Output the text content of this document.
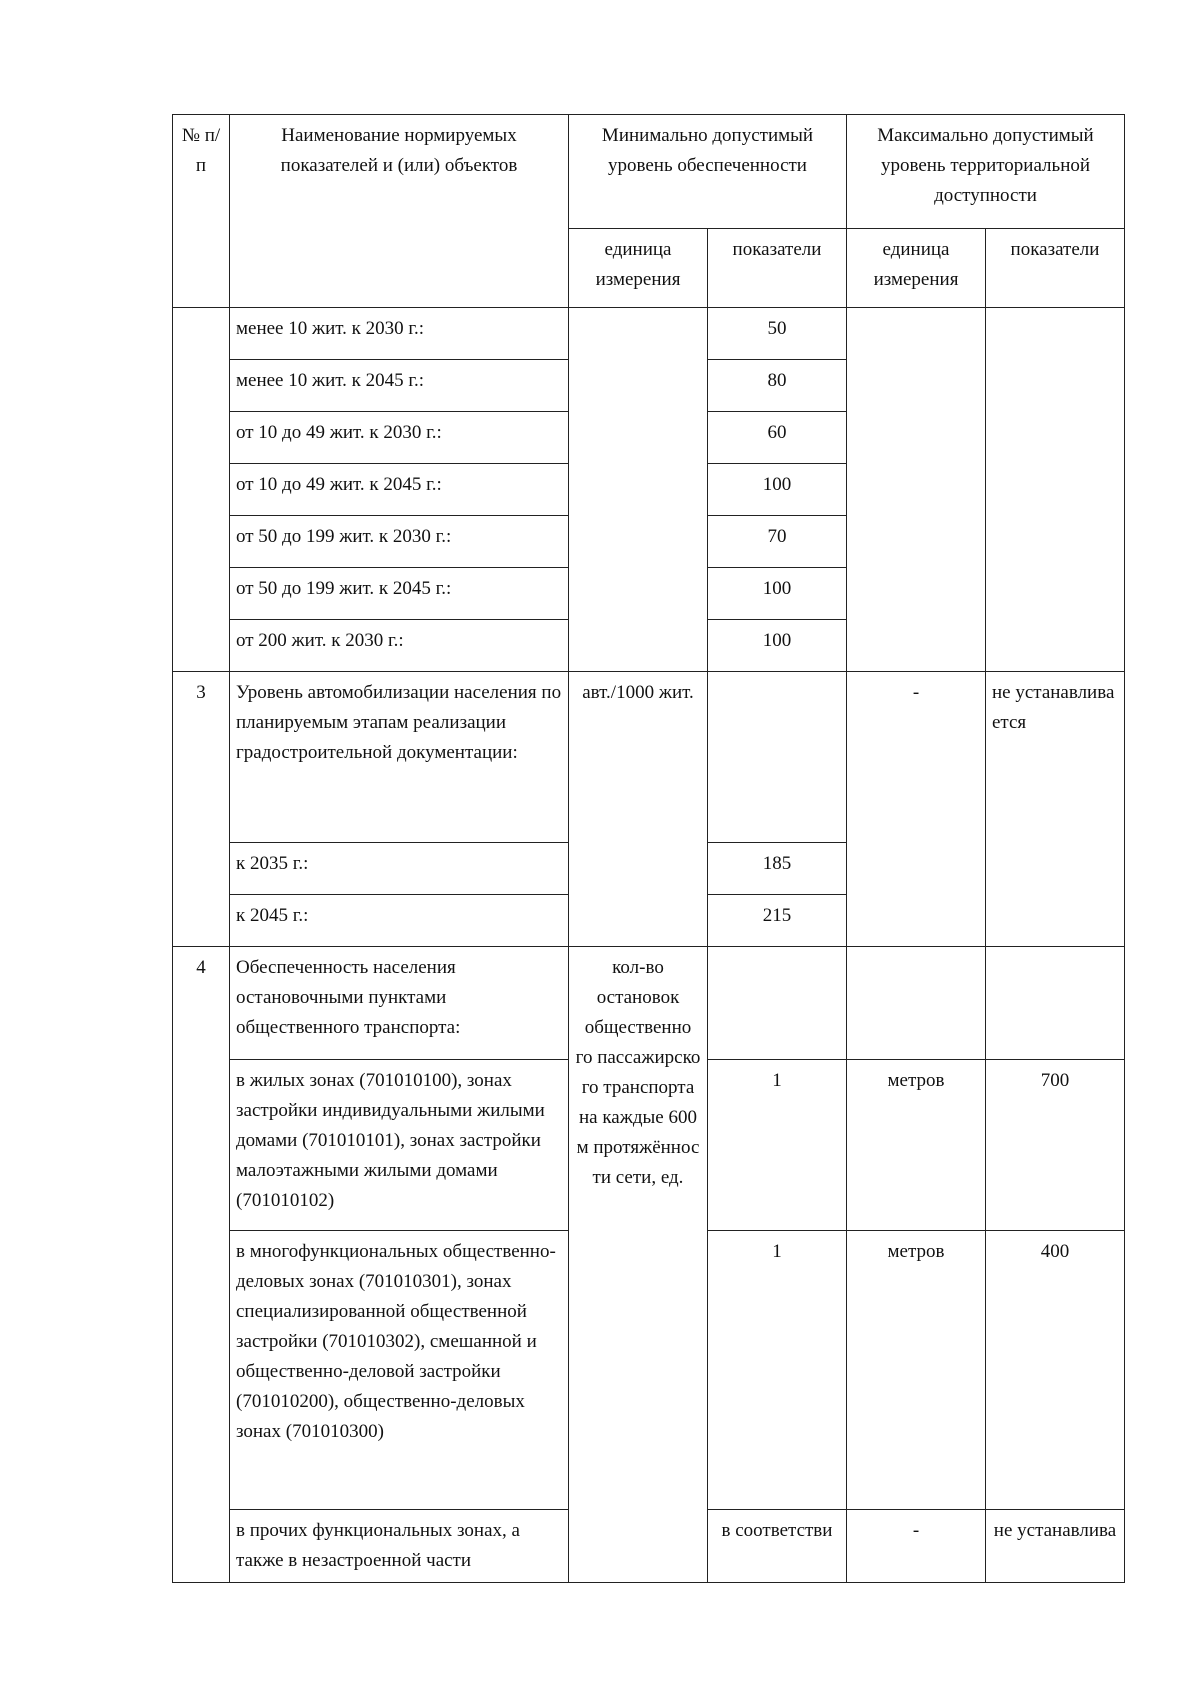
№ п/п	Наименование нормируемых показателей и (или) объектов	Минимально допустимый уровень обеспеченности		Максимально допустимый уровень территориальной доступности	
		единица измерения	показатели	единица измерения	показатели
	менее 10 жит. к 2030 г.:		50		
	менее 10 жит. к 2045 г.:		80		
	от 10 до 49 жит. к 2030 г.:		60		
	от 10 до 49 жит. к 2045 г.:		100		
	от 50 до 199 жит. к 2030 г.:		70		
	от 50 до 199 жит. к 2045 г.:		100		
	от 200 жит. к 2030 г.:		100		
3	Уровень автомобилизации населения по планируемым этапам реализации градостроительной документации:	авт./1000 жит.		-	не устанавлива ется
	к 2035 г.:		185		
	к 2045 г.:		215		
4	Обеспеченность населения остановочными пунктами общественного транспорта:	кол-во остановок общественно го пассажирско го транспорта на каждые 600 м протяжённос ти сети, ед.			
	в жилых зонах (701010100), зонах застройки индивидуальными жилыми домами (701010101), зонах застройки малоэтажными жилыми домами (701010102)		1	метров	700
	в многофункциональных общественно-деловых зонах (701010301), зонах специализированной общественной застройки (701010302), смешанной и общественно-деловой застройки (701010200), общественно-деловых зонах (701010300)		1	метров	400
	в прочих функциональных зонах, а также в незастроенной части		в соответстви	-	не устанавлива
